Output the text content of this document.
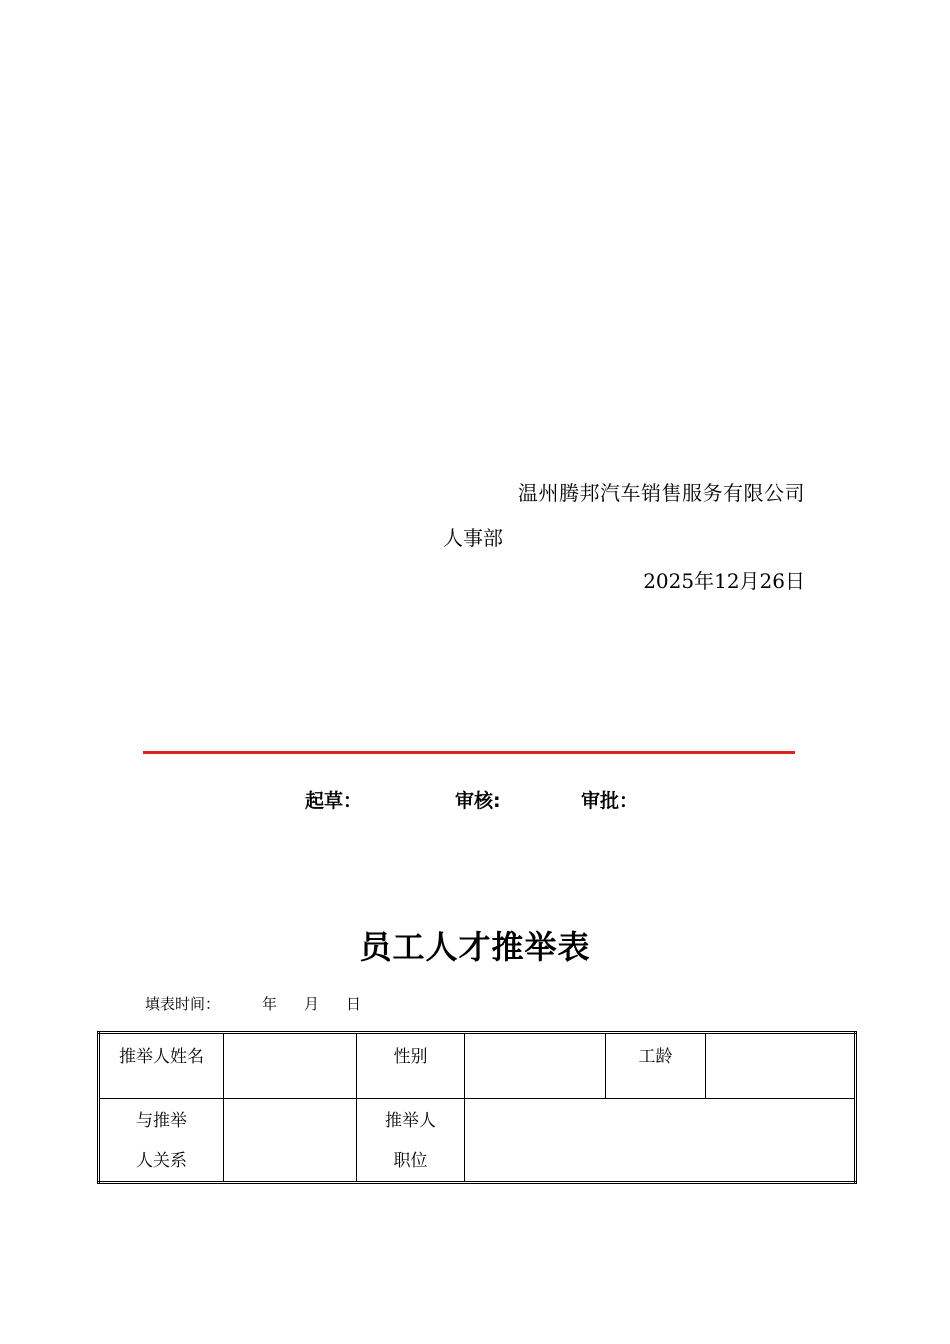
温州腾邦汽车销售服务有限公司
人事部
2025年12月26日
起草：	审核:	审批：
员工人才推举表
填表时间：	年 月 日
推举人姓名		性别		工龄	

与推举
人关系		推举人
职位			
